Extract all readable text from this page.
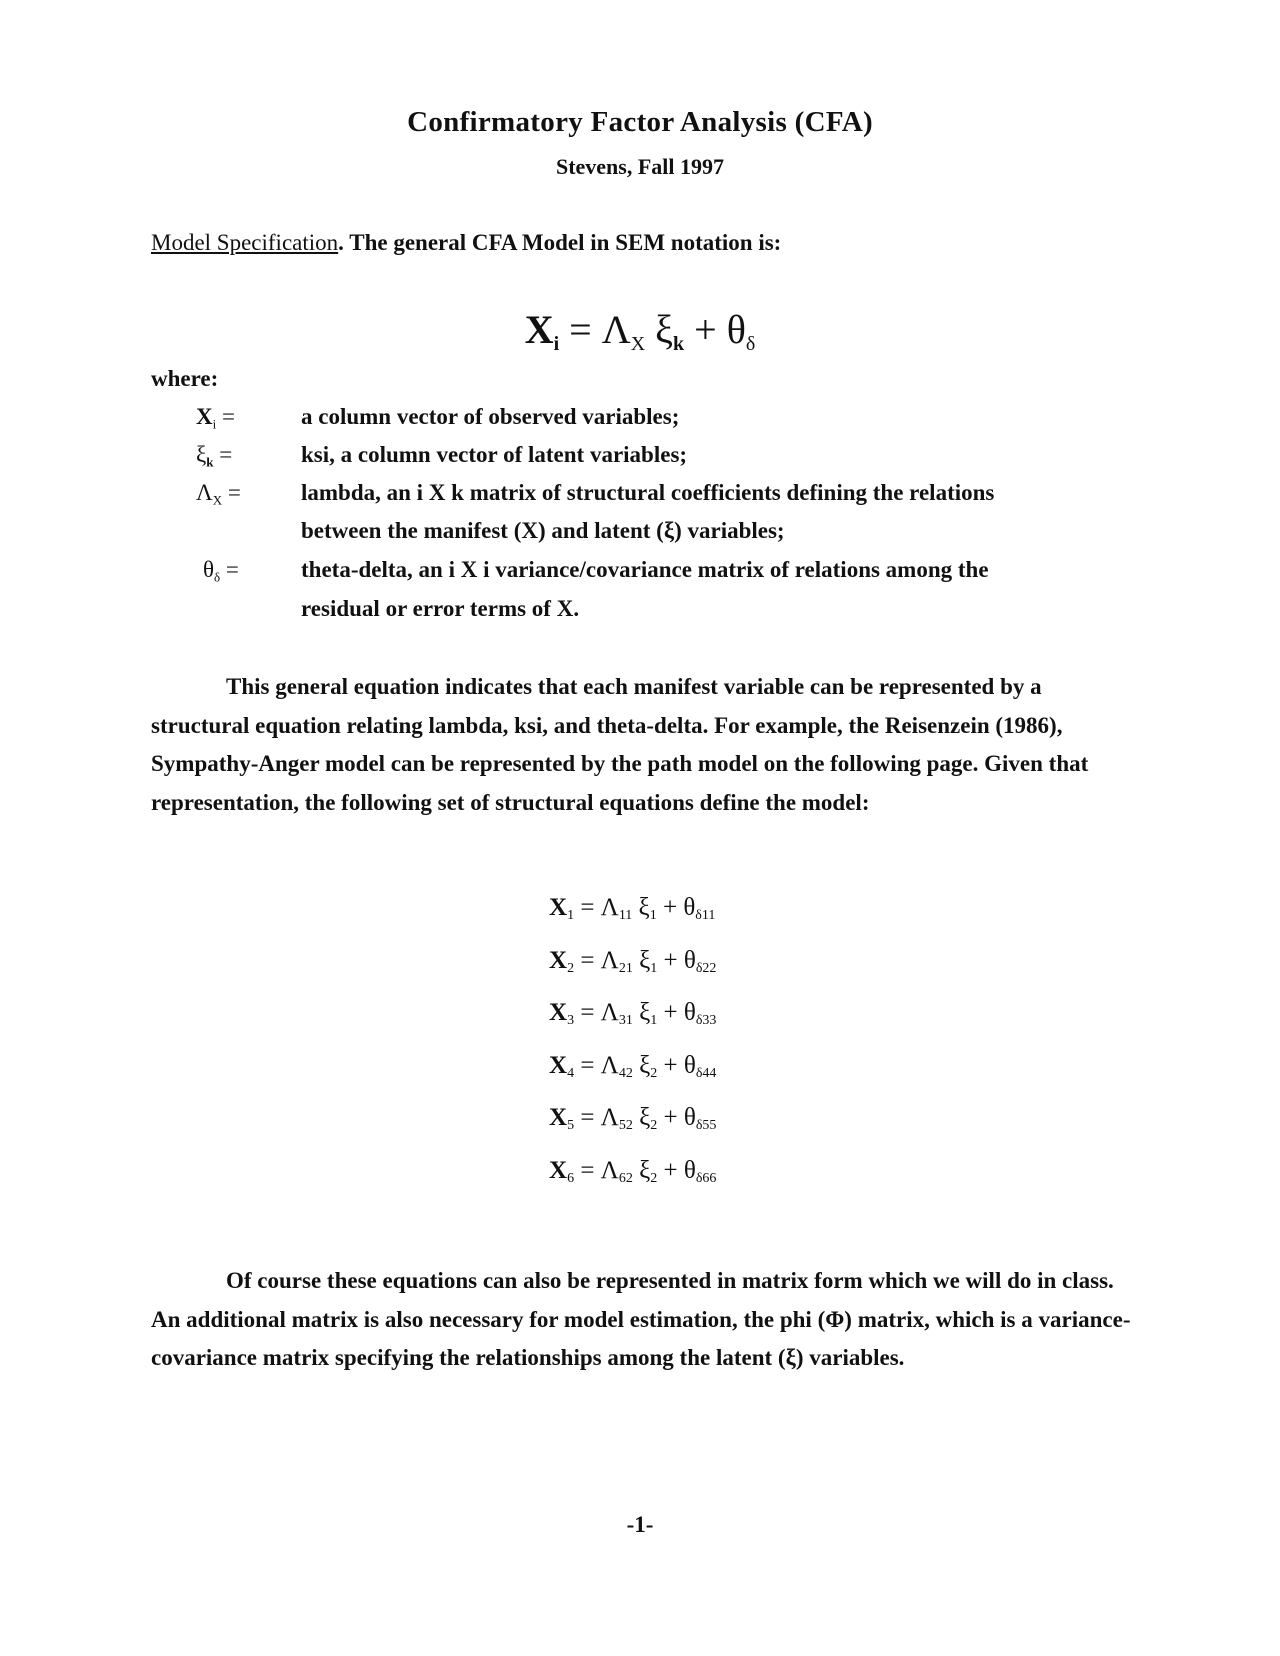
Confirmatory Factor Analysis (CFA)
Stevens, Fall 1997
Model Specification. The general CFA Model in SEM notation is:
$X_i = \Lambda_X$ $\xi_k + \theta_\delta$
where:
$X_i$ =	a column vector of observed variables;
$\xi_k$ =	ksi, a column vector of latent variables;
$\Lambda_X$ =	lambda, an i X k matrix of structural coefficients defining the relations
between the manifest (X) and latent (ξ) variables;
$\theta_\delta$ =	theta-delta, an i X i variance/covariance matrix of relations among the
residual or error terms of X.

This general equation indicates that each manifest variable can be represented by a structural equation relating lambda, ksi, and theta-delta. For example, the Reisenzein (1986), Sympathy-Anger model can be represented by the path model on the following page. Given that representation, the following set of structural equations define the model:

$X_1 = \Lambda_{11}$ $\xi_1 + \theta_{\delta 11}$
$X_2 = \Lambda_{21}$ $\xi_1 + \theta_{\delta 22}$
$X_3 = \Lambda_{31}$ $\xi_1 + \theta_{\delta 33}$
$X_4 = \Lambda_{42}$ $\xi_2 + \theta_{\delta 44}$
$X_5 = \Lambda_{52}$ $\xi_2 + \theta_{\delta 55}$
$X_6 = \Lambda_{62}$ $\xi_2 + \theta_{\delta 66}$

Of course these equations can also be represented in matrix form which we will do in class. An additional matrix is also necessary for model estimation, the phi (Φ) matrix, which is a variance-covariance matrix specifying the relationships among the latent (ξ) variables.

-1-
